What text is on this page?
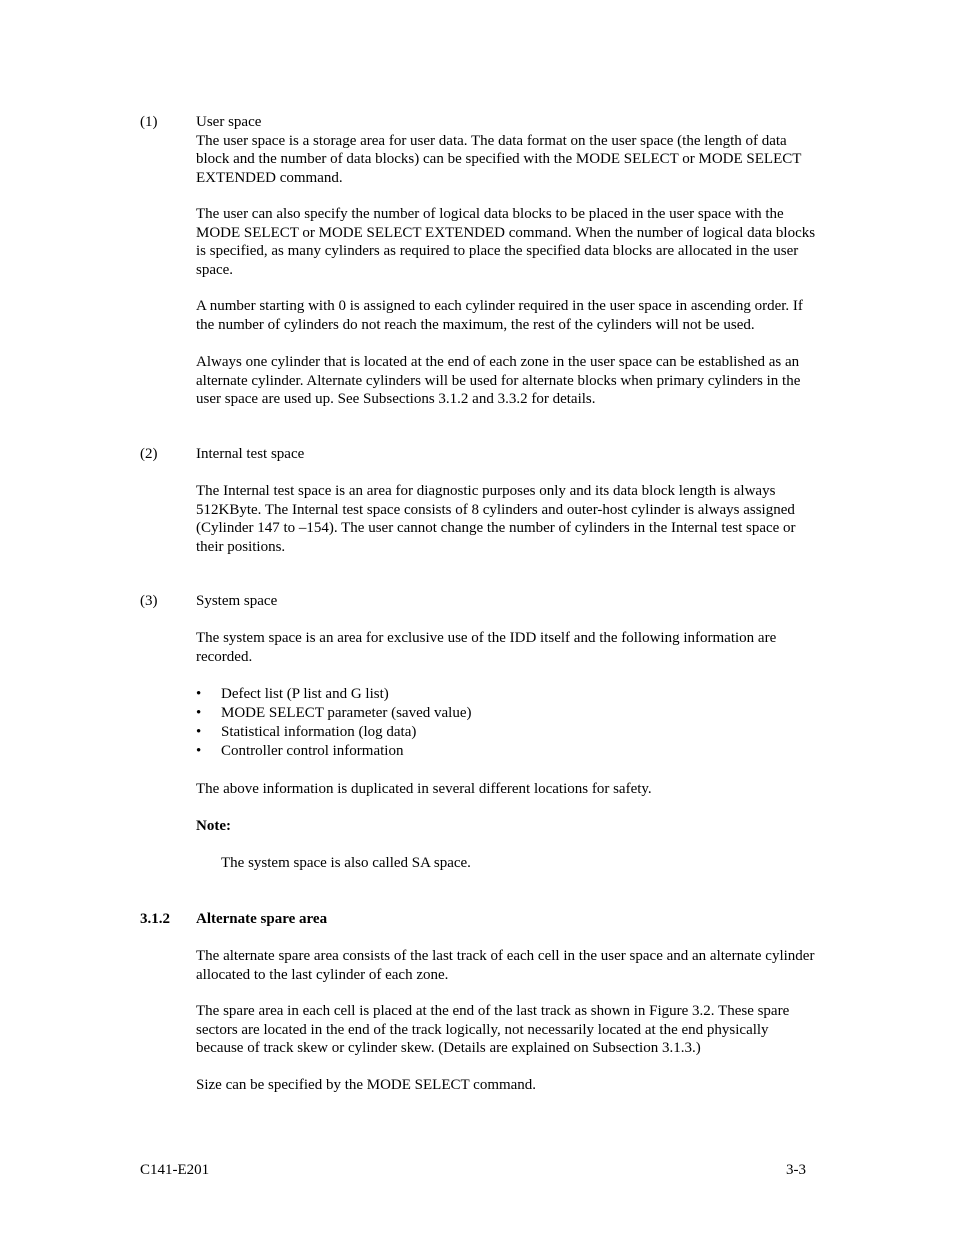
(1)	User space

The user space is a storage area for user data. The data format on the user space (the length of data block and the number of data blocks) can be specified with the MODE SELECT or MODE SELECT EXTENDED command.

The user can also specify the number of logical data blocks to be placed in the user space with the MODE SELECT or MODE SELECT EXTENDED command. When the number of logical data blocks is specified, as many cylinders as required to place the specified data blocks are allocated in the user space.

A number starting with 0 is assigned to each cylinder required in the user space in ascending order. If the number of cylinders do not reach the maximum, the rest of the cylinders will not be used.

Always one cylinder that is located at the end of each zone in the user space can be established as an alternate cylinder. Alternate cylinders will be used for alternate blocks when primary cylinders in the user space are used up. See Subsections 3.1.2 and 3.3.2 for details.

(2)	Internal test space

The Internal test space is an area for diagnostic purposes only and its data block length is always 512KByte. The Internal test space consists of 8 cylinders and outer-host cylinder is always assigned (Cylinder 147 to –154). The user cannot change the number of cylinders in the Internal test space or their positions.

(3)	System space

The system space is an area for exclusive use of the IDD itself and the following information are recorded.

• Defect list (P list and G list)
• MODE SELECT parameter (saved value)
• Statistical information (log data)
• Controller control information

The above information is duplicated in several different locations for safety.

Note:

The system space is also called SA space.

3.1.2 Alternate spare area

The alternate spare area consists of the last track of each cell in the user space and an alternate cylinder allocated to the last cylinder of each zone.

The spare area in each cell is placed at the end of the last track as shown in Figure 3.2. These spare sectors are located in the end of the track logically, not necessarily located at the end physically because of track skew or cylinder skew. (Details are explained on Subsection 3.1.3.)

Size can be specified by the MODE SELECT command.

C141-E201	3-3
